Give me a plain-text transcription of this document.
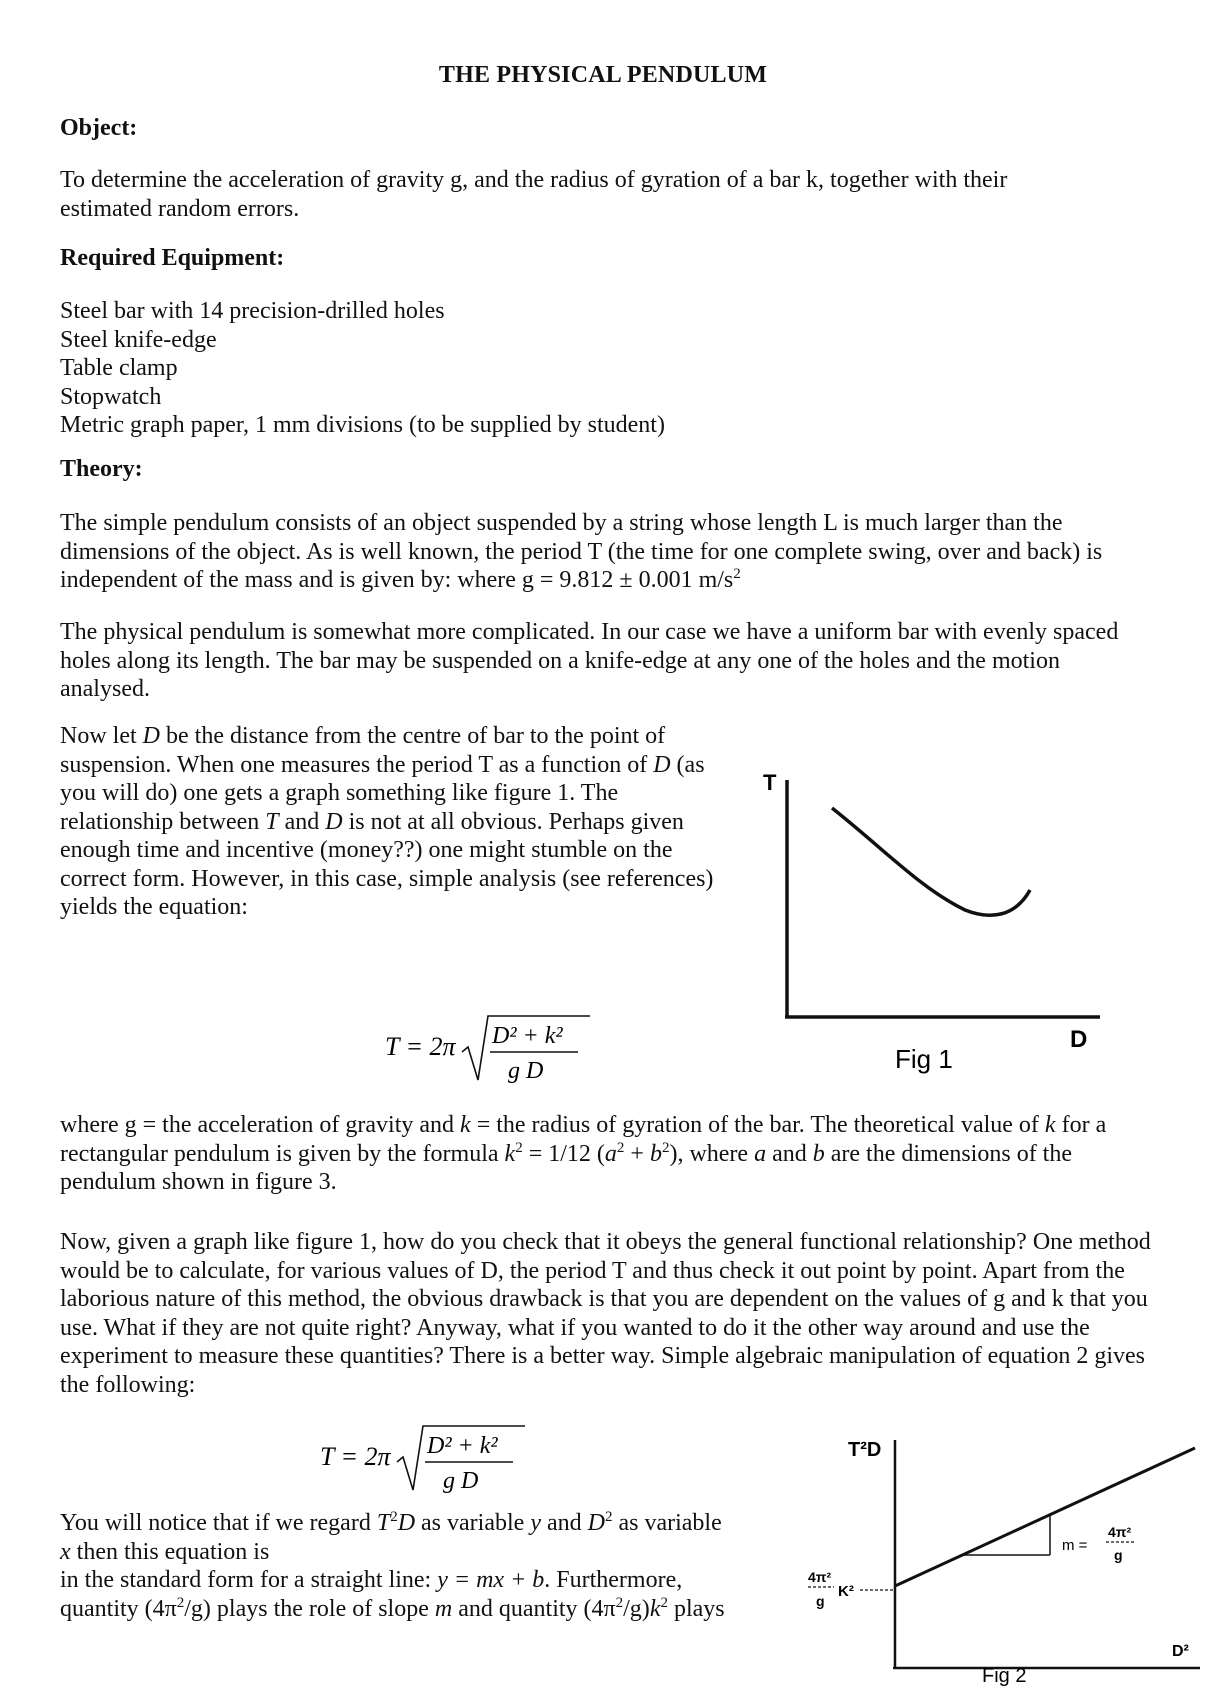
THE PHYSICAL PENDULUM
Object:
To determine the acceleration of gravity g, and the radius of gyration of a bar k, together with their estimated random errors.
Required Equipment:
Steel bar with 14 precision-drilled holes
Steel knife-edge
Table clamp
Stopwatch
Metric graph paper, 1 mm divisions (to be supplied by student)
Theory:
The simple pendulum consists of an object suspended by a string whose length L is much larger than the dimensions of the object. As is well known, the period T (the time for one complete swing, over and back) is independent of the mass and is given by: where g = 9.812 ± 0.001 $m/s^2$
The physical pendulum is somewhat more complicated. In our case we have a uniform bar with evenly spaced holes along its length. The bar may be suspended on a knife-edge at any one of the holes and the motion analysed.
Now let D be the distance from the centre of bar to the point of suspension. When one measures the period T as a function of D (as you will do) one gets a graph something like figure 1. The relationship between T and D is not at all obvious. Perhaps given enough time and incentive (money??) one might stumble on the correct form. However, in this case, simple analysis (see references) yields the equation:
T
D
Fig 1
T = 2π D² + k²
g D
where g = the acceleration of gravity and k = the radius of gyration of the bar. The theoretical value of k for a rectangular pendulum is given by the formula $k^2 = 1/12$ $(a^2 + b^2)$, where a and b are the dimensions of the pendulum shown in figure 3.
Now, given a graph like figure 1, how do you check that it obeys the general functional relationship? One method would be to calculate, for various values of D, the period T and thus check it out point by point. Apart from the laborious nature of this method, the obvious drawback is that you are dependent on the values of g and k that you use. What if they are not quite right? Anyway, what if you wanted to do it the other way around and use the experiment to measure these quantities? There is a better way. Simple algebraic manipulation of equation 2 gives the following:
T = 2π D² + k²
g D
You will notice that if we regard $T^2D$ as variable y and $D^2$ as variable
x then this equation is
in the standard form for a straight line: y = mx + b. Furthermore,
quantity $(4\pi^2/g)$ plays the role of slope m and quantity $(4\pi^2/g)k^2$ plays
T²D
4π²
g
K²
m =
4π²
g
Fig 2
D²
